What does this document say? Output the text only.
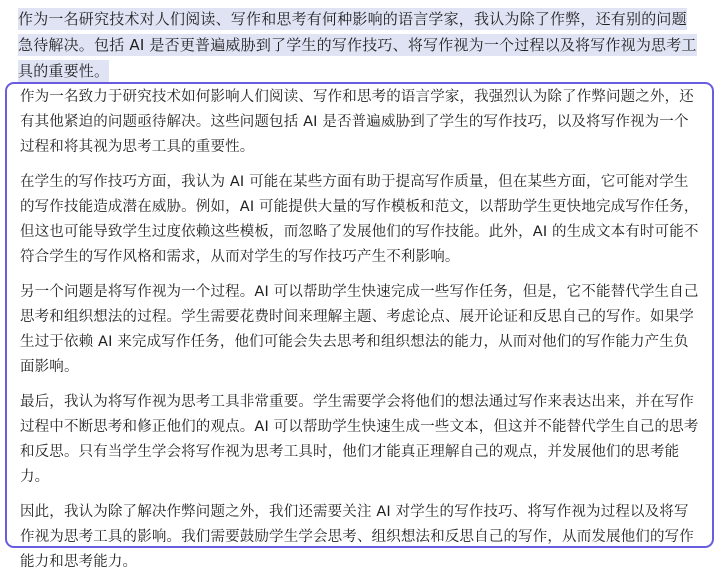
作为一名研究技术对人们阅读、写作和思考有何种影响的语言学家，我认为除了作弊，还有别的问题急待解决。包括 AI 是否更普遍威胁到了学生的写作技巧、将写作视为一个过程以及将写作视为思考工具的重要性。

作为一名致力于研究技术如何影响人们阅读、写作和思考的语言学家，我强烈认为除了作弊问题之外，还有其他紧迫的问题亟待解决。这些问题包括 AI 是否普遍威胁到了学生的写作技巧，以及将写作视为一个过程和将其视为思考工具的重要性。

在学生的写作技巧方面，我认为 AI 可能在某些方面有助于提高写作质量，但在某些方面，它可能对学生的写作技能造成潜在威胁。例如，AI 可能提供大量的写作模板和范文，以帮助学生更快地完成写作任务，但这也可能导致学生过度依赖这些模板，而忽略了发展他们的写作技能。此外，AI 的生成文本有时可能不符合学生的写作风格和需求，从而对学生的写作技巧产生不利影响。

另一个问题是将写作视为一个过程。AI 可以帮助学生快速完成一些写作任务，但是，它不能替代学生自己思考和组织想法的过程。学生需要花费时间来理解主题、考虑论点、展开论证和反思自己的写作。如果学生过于依赖 AI 来完成写作任务，他们可能会失去思考和组织想法的能力，从而对他们的写作能力产生负面影响。

最后，我认为将写作视为思考工具非常重要。学生需要学会将他们的想法通过写作来表达出来，并在写作过程中不断思考和修正他们的观点。AI 可以帮助学生快速生成一些文本，但这并不能替代学生自己的思考和反思。只有当学生学会将写作视为思考工具时，他们才能真正理解自己的观点，并发展他们的思考能力。

因此，我认为除了解决作弊问题之外，我们还需要关注 AI 对学生的写作技巧、将写作视为过程以及将写作视为思考工具的影响。我们需要鼓励学生学会思考、组织想法和反思自己的写作，从而发展他们的写作能力和思考能力。
